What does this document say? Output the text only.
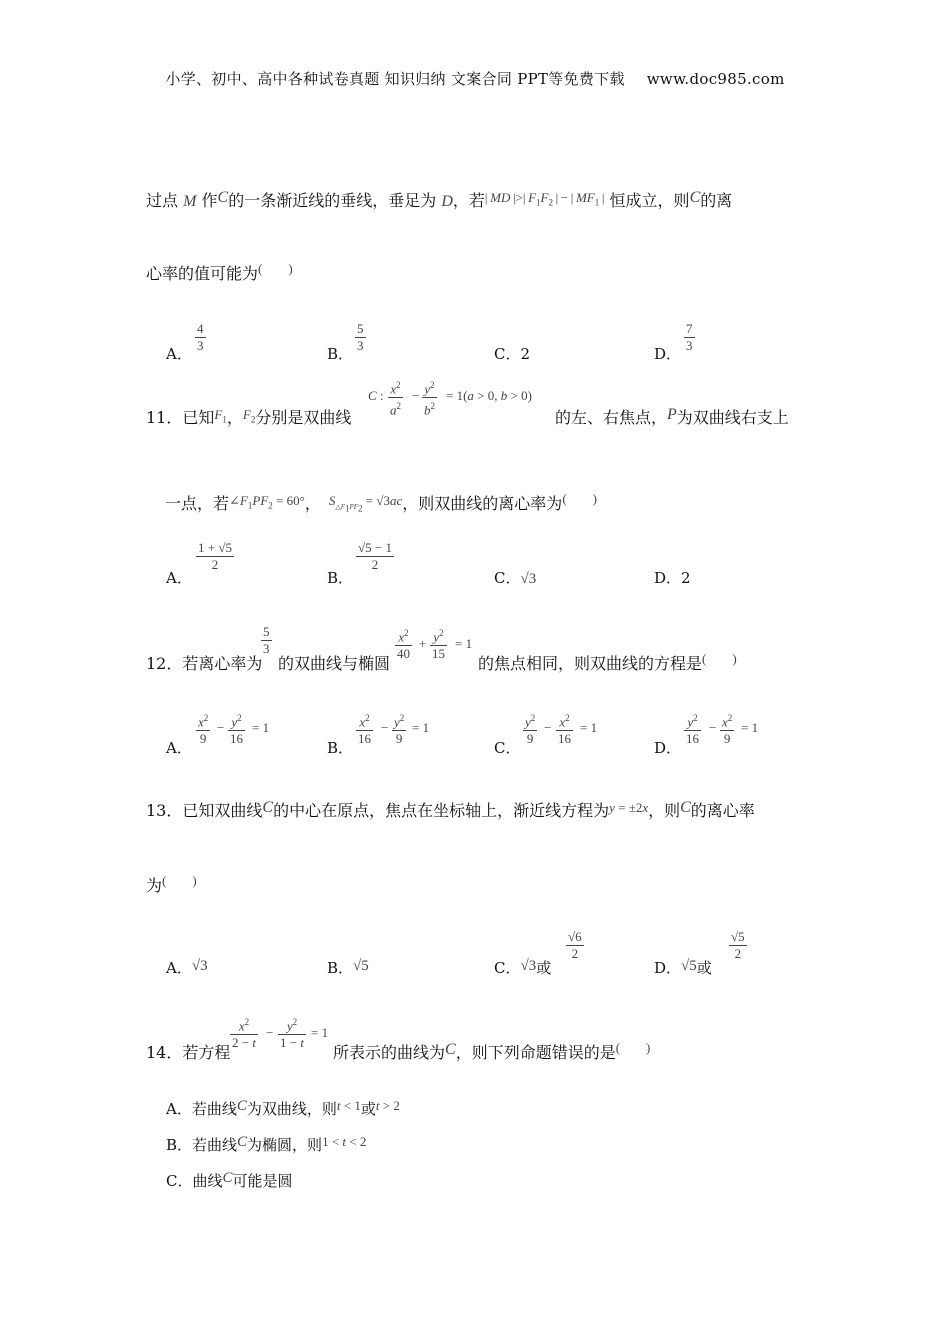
小学、初中、高中各种试卷真题 知识归纳 文案合同 PPT等免费下载 www.doc985.com
过点 M 作C的一条渐近线的垂线，垂足为 D，若$^{| MD |>| F_1F_2 | - | MF_1 |}$ 恒成立，则C的离
心率的值可能为(  )
A． $\frac{4}{3}$	B． $\frac{5}{3}$	C．2	D． $\frac{7}{3}$
11．已知$^{F_1}$，$^{F_2}$分别是双曲线
C : $\frac{x^2}{a^2} - \frac{y^2}{b^2} = 1(a > 0$, b > 0)
的左、右焦点，P为双曲线右支上
一点，若$^{\angle F_1PF_2 = 60^\circ}$，  $^{S_{\triangle F_1PF_2} = √3ac}$，则双曲线的离心率为(  )
A．
$\frac{1 + √5}{2}$
B．
$\frac{√5 - 1}{2}$
C．√3	D．2
12．若离心率为
$\frac{5}{3}$
的双曲线与椭圆
$\frac{x^2}{40} + \frac{y^2}{15} = 1$
的焦点相同，则双曲线的方程是(  )
A．
$\frac{x^2}{9} - \frac{y^2}{16} = 1$
B．
$\frac{x^2}{16} - \frac{y^2}{9} = 1$
C．
$\frac{y^2}{9} - \frac{x^2}{16} = 1$
D．
$\frac{y^2}{16} - \frac{x^2}{9} = 1$
13．已知双曲线C的中心在原点，焦点在坐标轴上，渐近线方程为$^{y = \pm 2x}$，则C的离心率
为(  )
A．√3	B．√5	C．√3或
$\frac{√6}{2}$
D．√5或
$\frac{√5}{2}$
14．若方程
$\frac{x^2}{2 - t} - \frac{y^2}{1 - t} = 1$
所表示的曲线为C，则下列命题错误的是(  )
A．若曲线C为双曲线，则t < 1或t > 2
B．若曲线C为椭圆，则1 < t < 2
C．曲线C可能是圆
